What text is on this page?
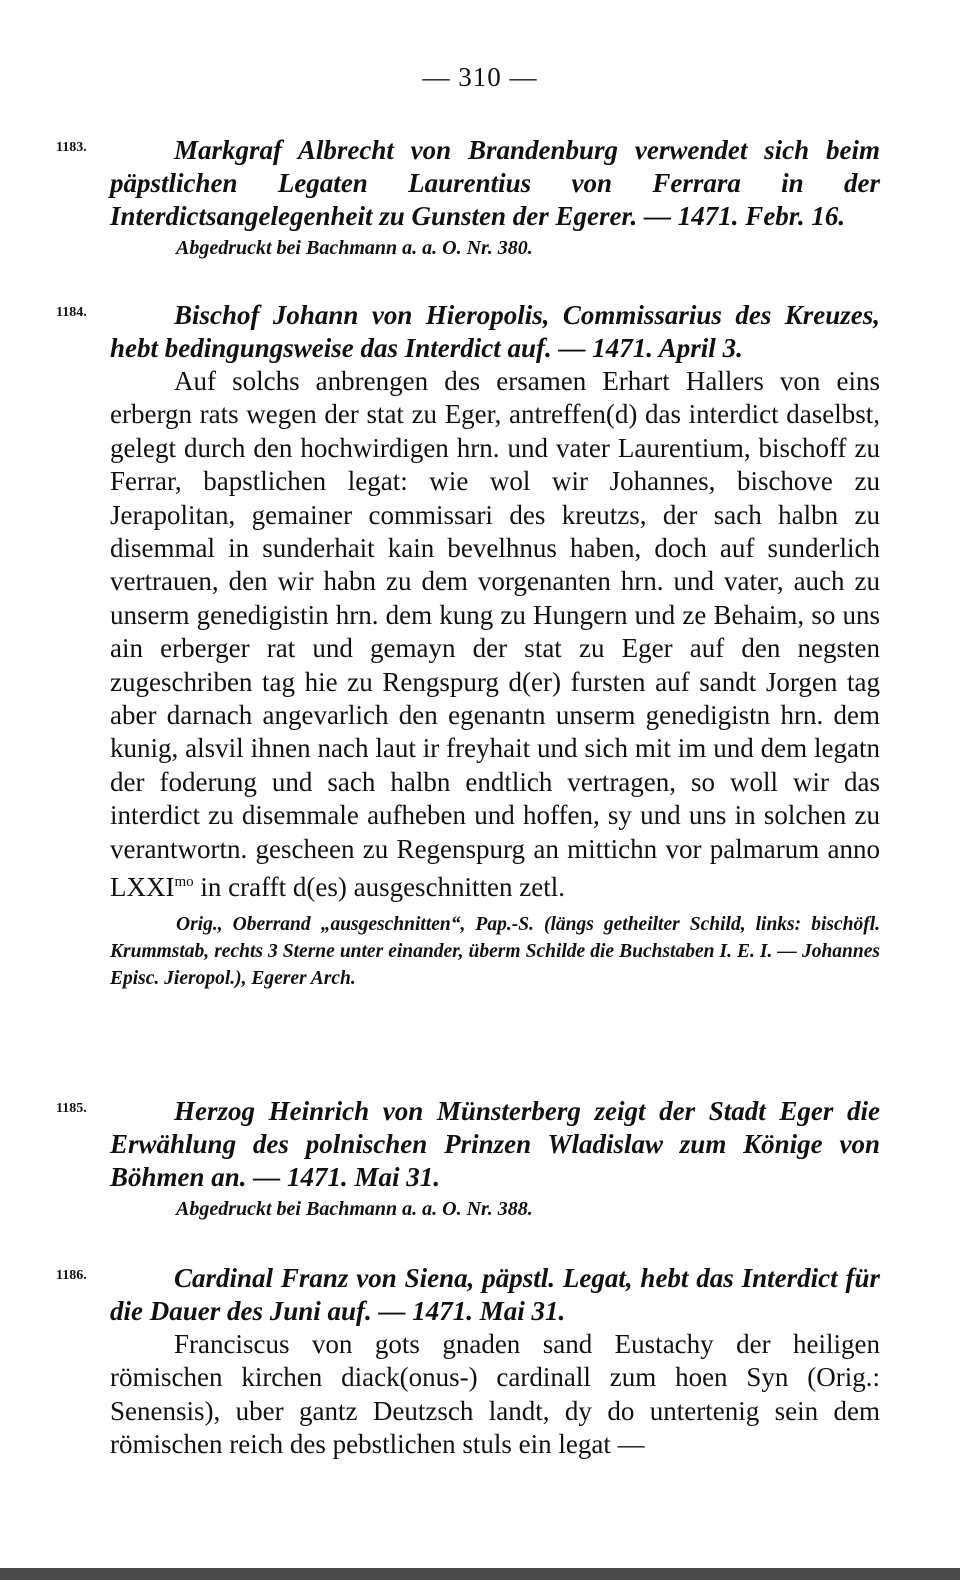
— 310 —
1183.	Markgraf Albrecht von Brandenburg verwendet sich beim päpstlichen Legaten Laurentius von Ferrara in der Interdictsangelegenheit zu Gunsten der Egerer. — 1471. Febr. 16.
Abgedruckt bei Bachmann a. a. O. Nr. 380.
1184.	Bischof Johann von Hieropolis, Commissarius des Kreuzes, hebt bedingungsweise das Interdict auf. — 1471. April 3.
Auf solchs anbrengen des ersamen Erhart Hallers von eins erbergn rats wegen der stat zu Eger, antreffen(d) das interdict daselbst, gelegt durch den hochwirdigen hrn. und vater Laurentium, bischoff zu Ferrar, bapstlichen legat: wie wol wir Johannes, bischove zu Jerapolitan, gemainer commissari des kreutzs, der sach halbn zu disemmal in sunderhait kain bevelhnus haben, doch auf sunderlich vertrauen, den wir habn zu dem vorgenanten hrn. und vater, auch zu unserm genedigistin hrn. dem kung zu Hungern und ze Behaim, so uns ain erberger rat und gemayn der stat zu Eger auf den negsten zugeschriben tag hie zu Rengspurg d(er) fursten auf sandt Jorgen tag aber darnach angevarlich den egenantn unserm genedigistn hrn. dem kunig, alsvil ihnen nach laut ir freyhait und sich mit im und dem legatn der foderung und sach halbn endtlich vertragen, so woll wir das interdict zu disemmale aufheben und hoffen, sy und uns in solchen zu verantwortn. gescheen zu Regenspurg an mittichn vor palmarum anno $LXXI^{mo}$ in crafft d(es) ausgeschnitten zetl.
Orig., Oberrand „ausgeschnitten“, Pap.-S. (längs getheilter Schild, links: bischöfl. Krummstab, rechts 3 Sterne unter einander, überm Schilde die Buchstaben I. E. I. — Johannes Episc. Jieropol.), Egerer Arch.
1185.	Herzog Heinrich von Münsterberg zeigt der Stadt Eger die Erwählung des polnischen Prinzen Wladislaw zum Könige von Böhmen an. — 1471. Mai 31.
Abgedruckt bei Bachmann a. a. O. Nr. 388.
1186.	Cardinal Franz von Siena, päpstl. Legat, hebt das Interdict für die Dauer des Juni auf. — 1471. Mai 31.
Franciscus von gots gnaden sand Eustachy der heiligen römischen kirchen diack(onus-) cardinall zum hoen Syn (Orig.: Senensis), uber gantz Deutzsch landt, dy do untertenig sein dem römischen reich des pebstlichen stuls ein legat —
